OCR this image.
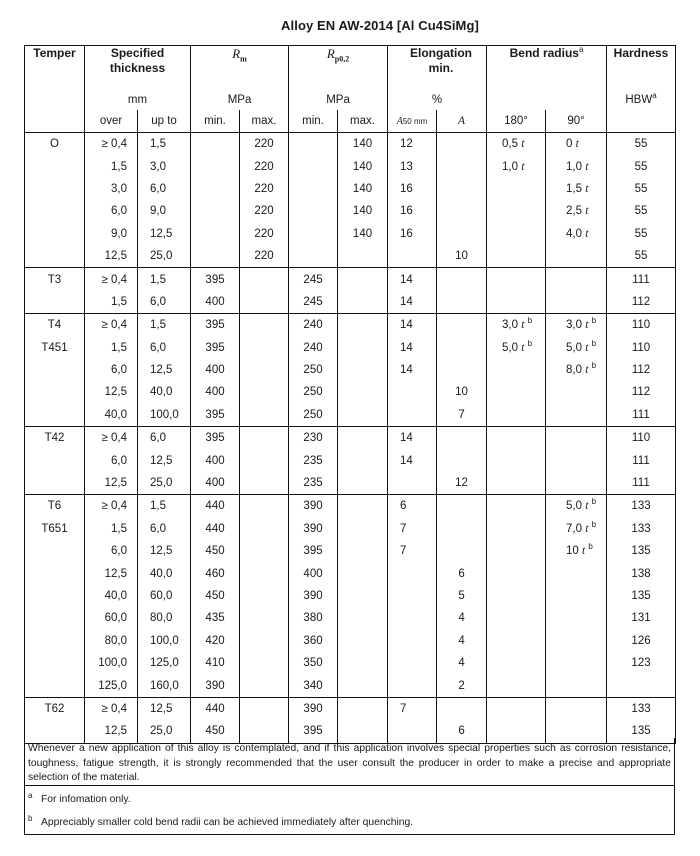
Alloy EN AW-2014 [Al Cu4SiMg]
Temper	Specified thickness		$R_m$		$R_{p0,2}$		Elongation min.		Bend radius$^a$		Hardness
	mm		MPa		MPa		%				HBW$^a$
	over	up to	min.	max.	min.	max.	A50 mm	A	180°	90°	
O	≥ 0,4	1,5		220		140	12		0,5 t	0 t	55
	1,5	3,0		220		140	13		1,0 t	1,0 t	55
	3,0	6,0		220		140	16			1,5 t	55
	6,0	9,0		220		140	16			2,5 t	55
	9,0	12,5		220		140	16			4,0 t	55
	12,5	25,0		220				10			55
T3	≥ 0,4	1,5	395		245		14				111
	1,5	6,0	400		245		14				112
T4	≥ 0,4	1,5	395		240		14		3,0 t $^b$	3,0 t $^b$	110
T451	1,5	6,0	395		240		14		5,0 t $^b$	5,0 t $^b$	110
	6,0	12,5	400		250		14			8,0 t $^b$	112
	12,5	40,0	400		250			10			112
	40,0	100,0	395		250			7			111
T42	≥ 0,4	6,0	395		230		14				110
	6,0	12,5	400		235		14				111
	12,5	25,0	400		235			12			111
T6	≥ 0,4	1,5	440		390		6			5,0 t $^b$	133
T651	1,5	6,0	440		390		7			7,0 t $^b$	133
	6,0	12,5	450		395		7			10 t $^b$	135
	12,5	40,0	460		400			6			138
	40,0	60,0	450		390			5			135
	60,0	80,0	435		380			4			131
	80,0	100,0	420		360			4			126
	100,0	125,0	410		350			4			123
	125,0	160,0	390		340			2			
T62	≥ 0,4	12,5	440		390		7				133
	12,5	25,0	450		395			6			135
Whenever a new application of this alloy is contemplated, and if this application involves special properties such as corrosion resistance, toughness, fatigue strength, it is strongly recommended that the user consult the producer in order to make a precise and appropriate selection of the material.
a For infomation only.
b Appreciably smaller cold bend radii can be achieved immediately after quenching.
